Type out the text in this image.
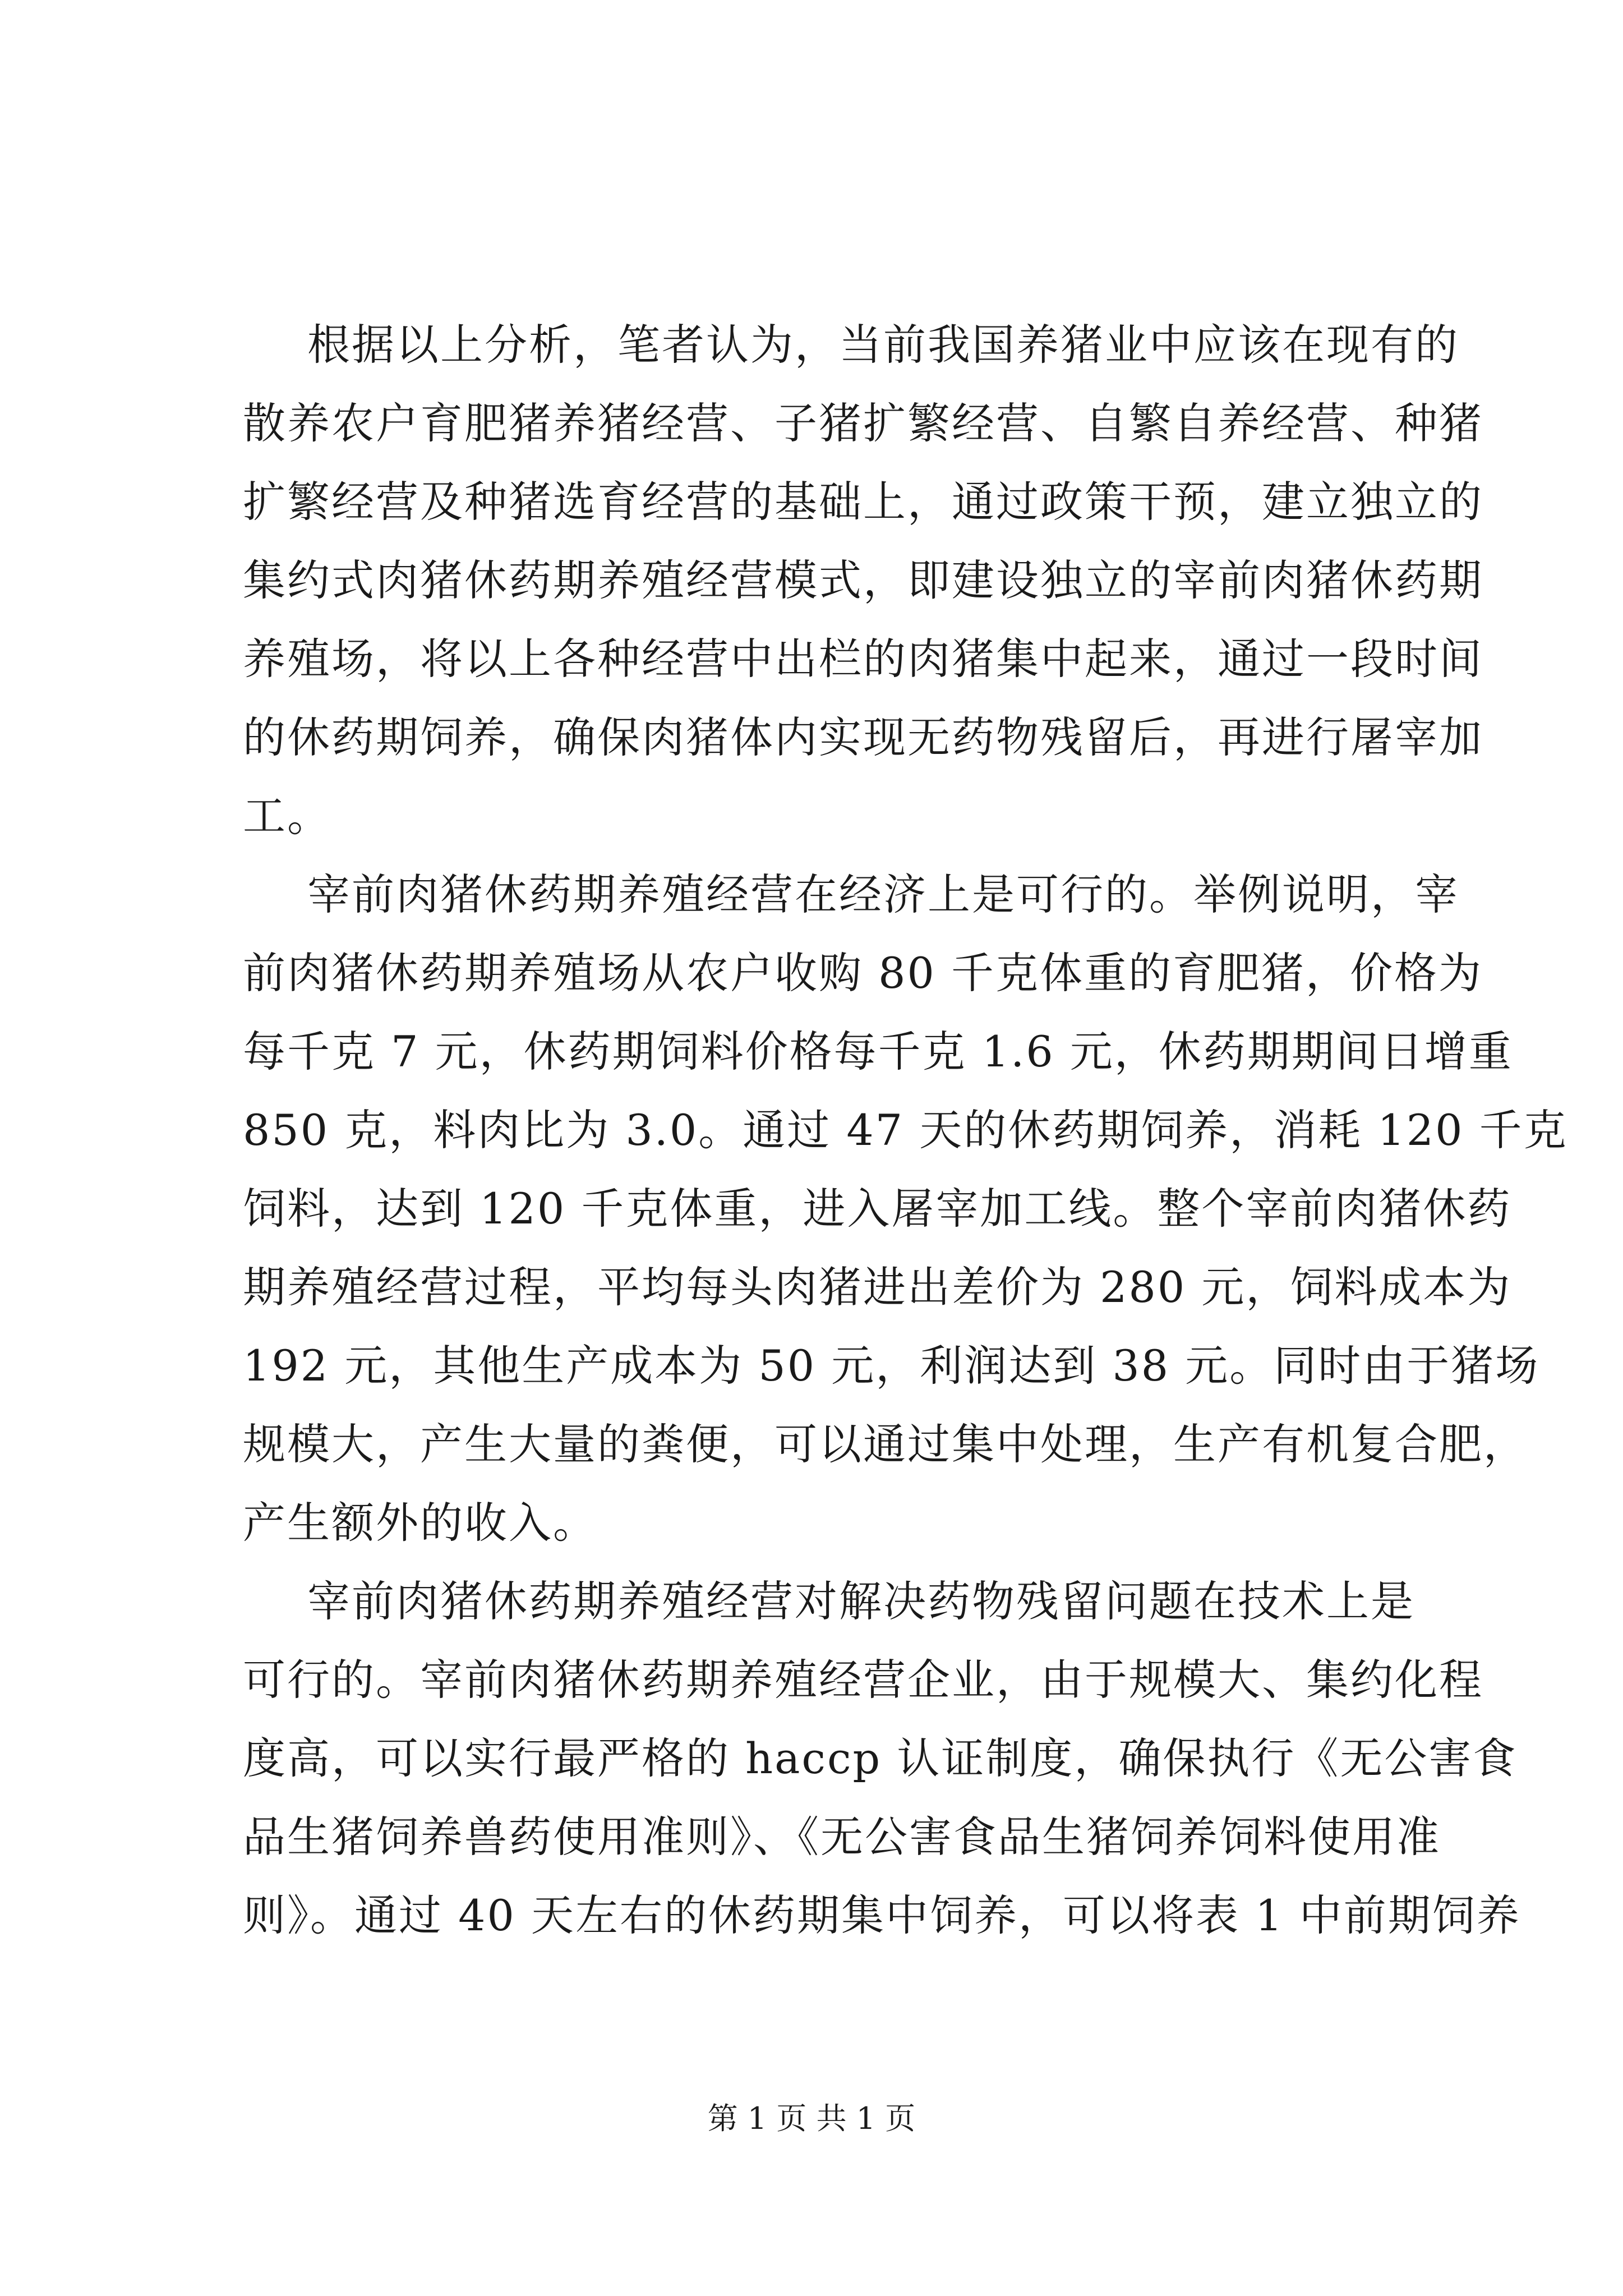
根据以上分析，笔者认为，当前我国养猪业中应该在现有的
散养农户育肥猪养猪经营、子猪扩繁经营、自繁自养经营、种猪
扩繁经营及种猪选育经营的基础上，通过政策干预，建立独立的
集约式肉猪休药期养殖经营模式，即建设独立的宰前肉猪休药期
养殖场，将以上各种经营中出栏的肉猪集中起来，通过一段时间
的休药期饲养，确保肉猪体内实现无药物残留后，再进行屠宰加
工。
宰前肉猪休药期养殖经营在经济上是可行的。举例说明，宰
前肉猪休药期养殖场从农户收购 80 千克体重的育肥猪，价格为
每千克 7 元，休药期饲料价格每千克 1.6 元，休药期期间日增重
850 克，料肉比为 3.0。通过 47 天的休药期饲养，消耗 120 千克
饲料，达到 120 千克体重，进入屠宰加工线。整个宰前肉猪休药
期养殖经营过程，平均每头肉猪进出差价为 280 元，饲料成本为
192 元，其他生产成本为 50 元，利润达到 38 元。同时由于猪场
规模大，产生大量的粪便，可以通过集中处理，生产有机复合肥，
产生额外的收入。
宰前肉猪休药期养殖经营对解决药物残留问题在技术上是
可行的。宰前肉猪休药期养殖经营企业，由于规模大、集约化程
度高，可以实行最严格的 haccp 认证制度，确保执行《无公害食
品生猪饲养兽药使用准则》、《无公害食品生猪饲养饲料使用准
则》。通过 40 天左右的休药期集中饲养，可以将表 1 中前期饲养
第 1 页 共 1 页
